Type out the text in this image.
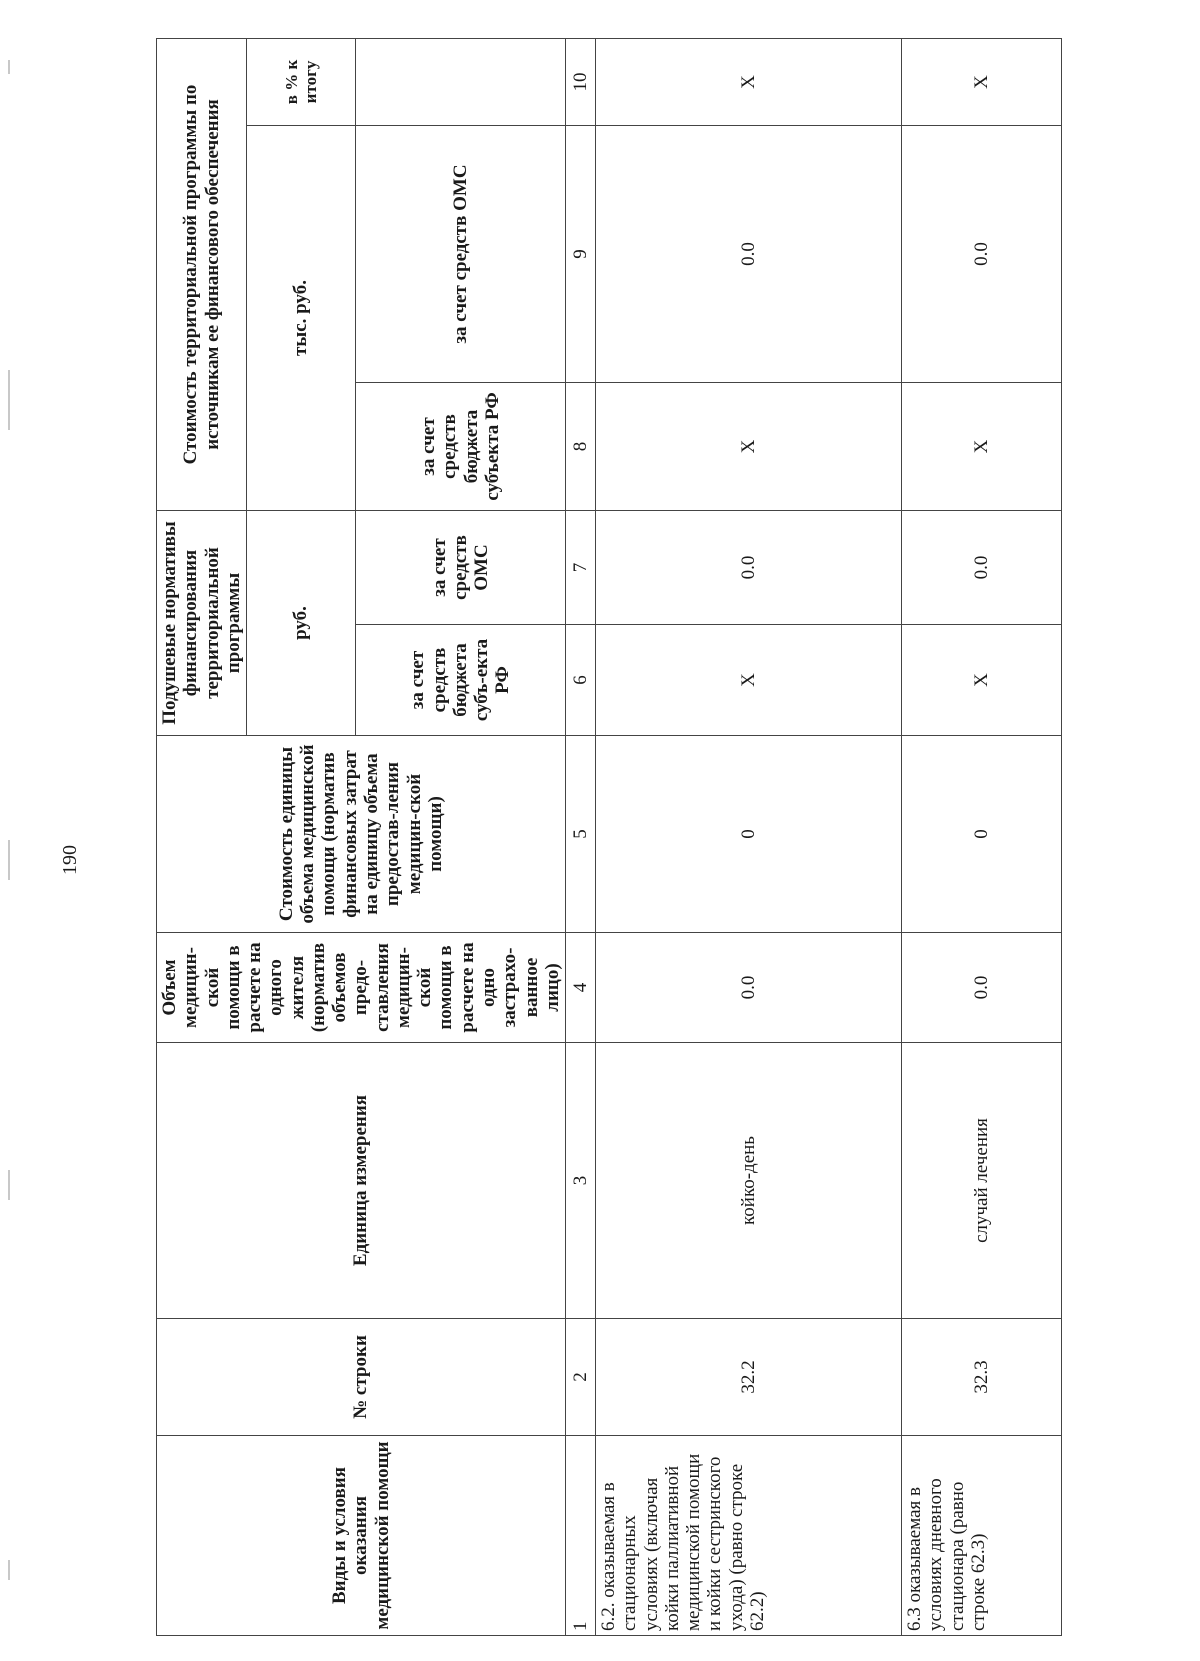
190
Виды и условия оказания медицинской помощи	№ строки	Единица измерения	Объем медицин-ской помощи в расчете на одного жителя (норматив объемов предо-ставления медицин-ской помощи в расчете на одно застрахо-ванное лицо)	Стоимость единицы объема медицинской помощи (норматив финансовых затрат на единицу объема предостав-ления медицин-ской помощи)	Подушевые нормативы финансирования территориальной программы		Стоимость территориальной программы по источникам ее финансового обеспечения		
					руб.		тыс. руб.		в % к итогу

					за счет средств бюджета субъ-екта РФ	за счет средств ОМС	за счет средств бюджета субъекта РФ	за счет средств ОМС	
1	2	3	4	5	6	7	8	9	10
6.2. оказываемая в стационарных условиях (включая койки паллиативной медицинской помощи и койки сестринского ухода) (равно строке 62.2)	32.2	койко-день	0.0	0	Х	0.0	Х	0.0	Х
6.3 оказываемая в условиях дневного стационара (равно строке 62.3)	32.3	случай лечения	0.0	0	Х	0.0	Х	0.0	Х
